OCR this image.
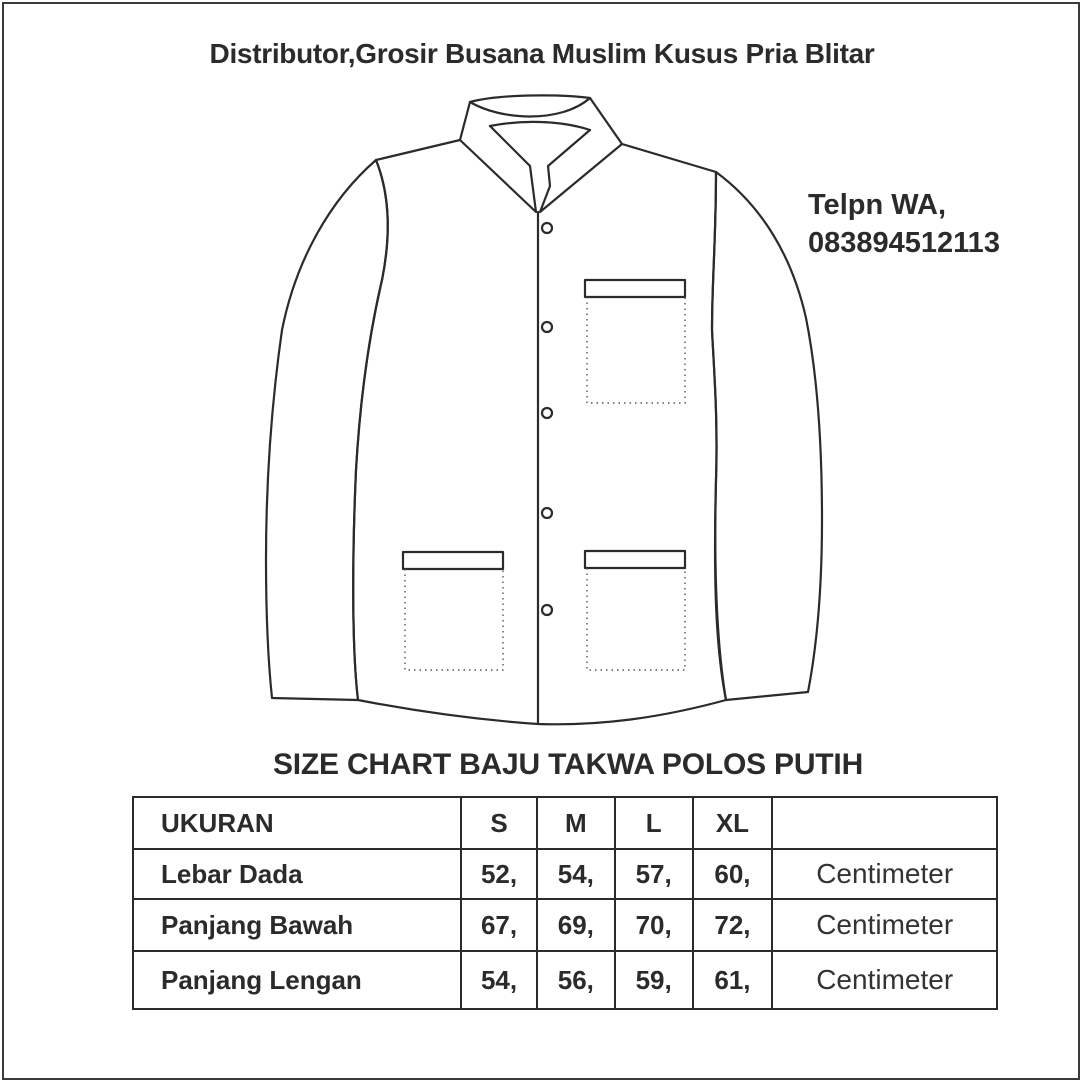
Distributor,Grosir Busana Muslim Kusus Pria Blitar
Telpn WA,
083894512113
SIZE CHART BAJU TAKWA POLOS PUTIH
UKURAN	S	M	L	XL	
Lebar Dada	52,	54,	57,	60,	Centimeter
Panjang Bawah	67,	69,	70,	72,	Centimeter
Panjang Lengan	54,	56,	59,	61,	Centimeter
